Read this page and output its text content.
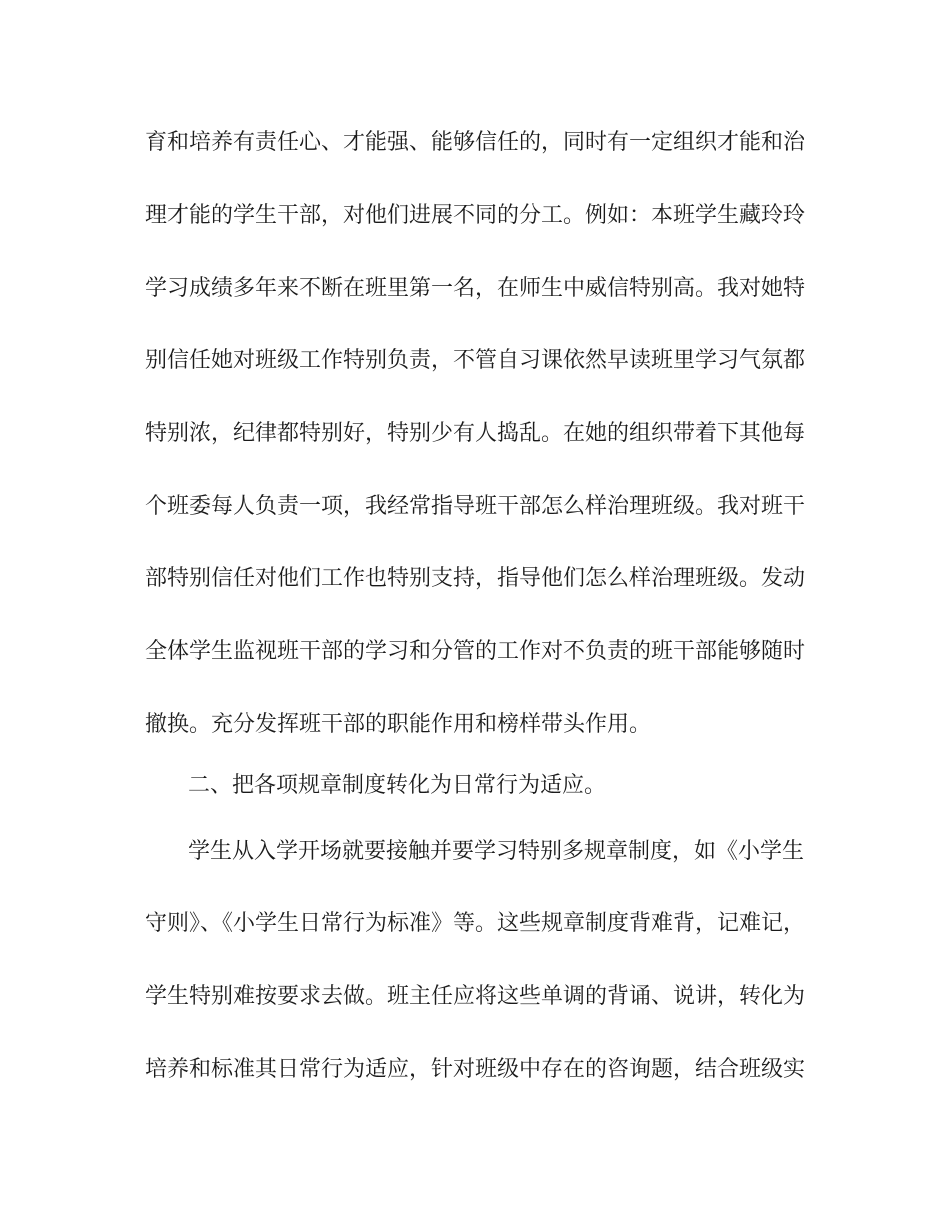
育和培养有责任心、才能强、能够信任的，同时有一定组织才能和治
理才能的学生干部，对他们进展不同的分工。例如：本班学生藏玲玲
学习成绩多年来不断在班里第一名，在师生中威信特别高。我对她特
别信任她对班级工作特别负责，不管自习课依然早读班里学习气氛都
特别浓，纪律都特别好，特别少有人捣乱。在她的组织带着下其他每
个班委每人负责一项，我经常指导班干部怎么样治理班级。我对班干
部特别信任对他们工作也特别支持，指导他们怎么样治理班级。发动
全体学生监视班干部的学习和分管的工作对不负责的班干部能够随时
撤换。充分发挥班干部的职能作用和榜样带头作用。
二、把各项规章制度转化为日常行为适应。
学生从入学开场就要接触并要学习特别多规章制度，如《小学生
守则》、《小学生日常行为标准》等。这些规章制度背难背，记难记，
学生特别难按要求去做。班主任应将这些单调的背诵、说讲，转化为
培养和标准其日常行为适应，针对班级中存在的咨询题，结合班级实
